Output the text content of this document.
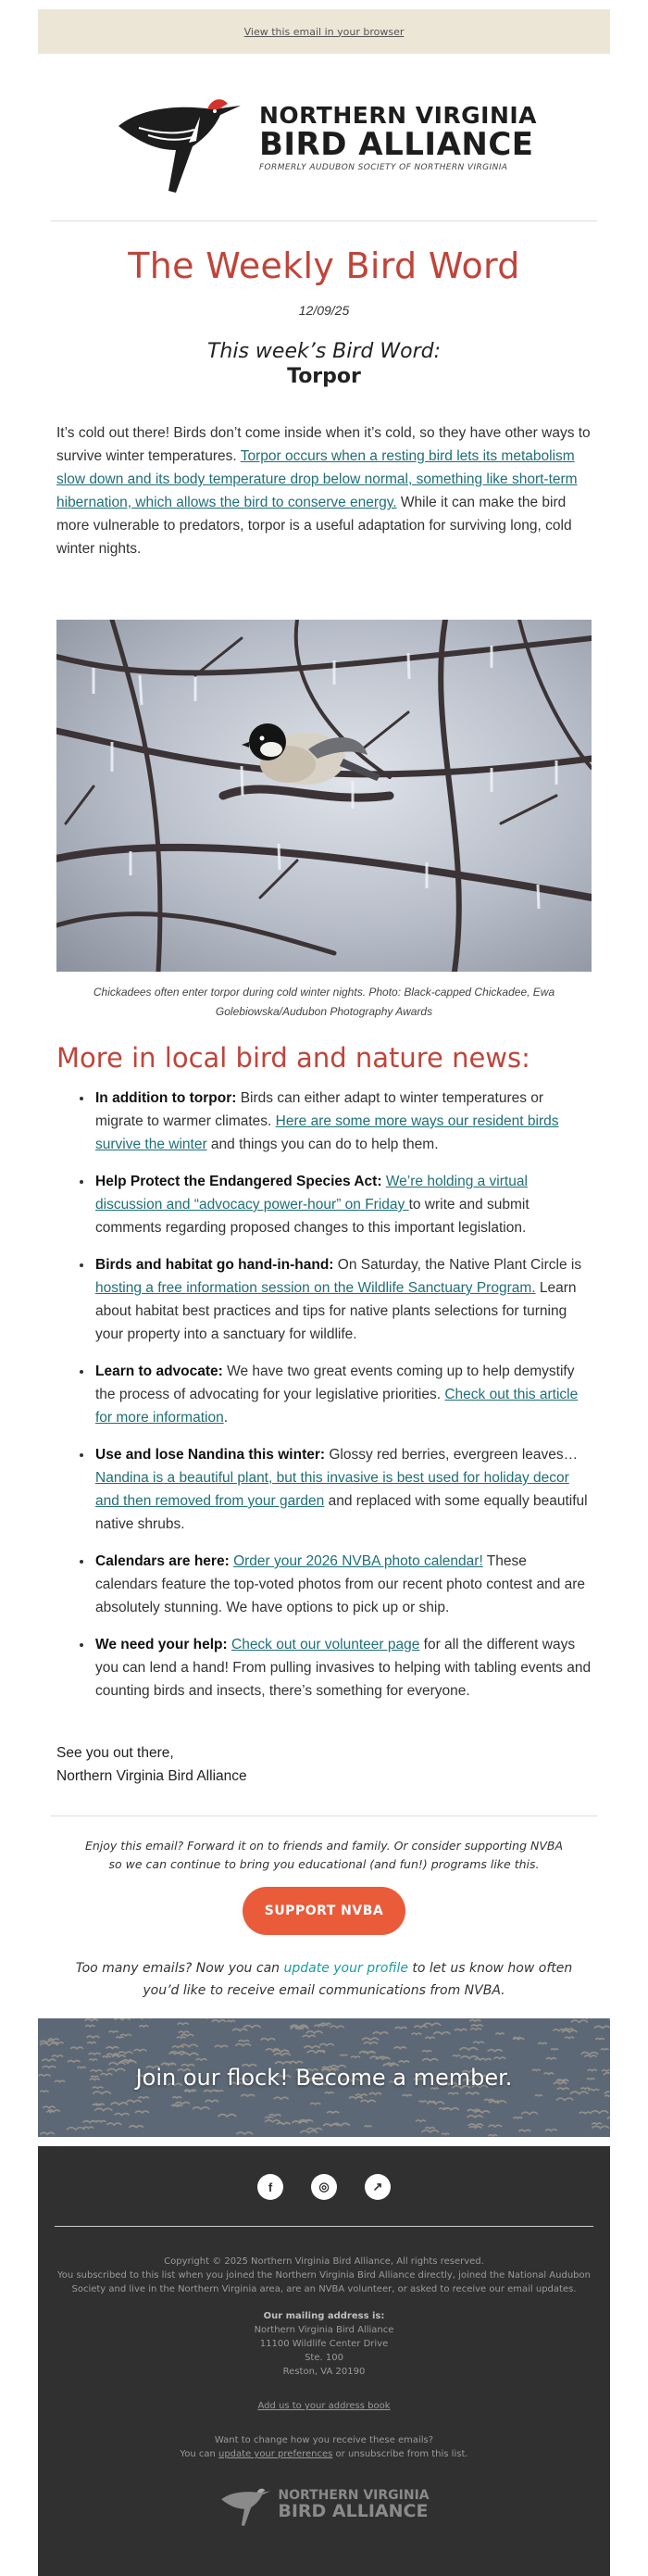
View this email in your browser
NORTHERN VIRGINIA
BIRD ALLIANCE
FORMERLY AUDUBON SOCIETY OF NORTHERN VIRGINIA
The Weekly Bird Word
12/09/25
This week’s Bird Word:
Torpor

It’s cold out there! Birds don’t come inside when it’s cold, so they have other ways to survive winter temperatures. Torpor occurs when a resting bird lets its metabolism slow down and its body temperature drop below normal, something like short-term hibernation, which allows the bird to conserve energy. While it can make the bird more vulnerable to predators, torpor is a useful adaptation for surviving long, cold winter nights.

Chickadees often enter torpor during cold winter nights. Photo: Black-capped Chickadee, Ewa Golebiowska/Audubon Photography Awards

More in local bird and nature news:
• In addition to torpor: Birds can either adapt to winter temperatures or migrate to warmer climates. Here are some more ways our resident birds survive the winter and things you can do to help them.
• Help Protect the Endangered Species Act: We’re holding a virtual discussion and “advocacy power-hour” on Friday to write and submit comments regarding proposed changes to this important legislation.
• Birds and habitat go hand-in-hand: On Saturday, the Native Plant Circle is hosting a free information session on the Wildlife Sanctuary Program. Learn about habitat best practices and tips for native plants selections for turning your property into a sanctuary for wildlife.
• Learn to advocate: We have two great events coming up to help demystify the process of advocating for your legislative priorities. Check out this article for more information.
• Use and lose Nandina this winter: Glossy red berries, evergreen leaves…Nandina is a beautiful plant, but this invasive is best used for holiday decor and then removed from your garden and replaced with some equally beautiful native shrubs.
• Calendars are here: Order your 2026 NVBA photo calendar! These calendars feature the top-voted photos from our recent photo contest and are absolutely stunning. We have options to pick up or ship.
• We need your help: Check out our volunteer page for all the different ways you can lend a hand! From pulling invasives to helping with tabling events and counting birds and insects, there’s something for everyone.

See you out there,
Northern Virginia Bird Alliance

Enjoy this email? Forward it on to friends and family. Or consider supporting NVBA so we can continue to bring you educational (and fun!) programs like this.

SUPPORT NVBA

Too many emails? Now you can update your profile to let us know how often you’d like to receive email communications from NVBA.

Join our flock! Become a member.
f	◎	↗
Copyright © 2025 Northern Virginia Bird Alliance, All rights reserved.
You subscribed to this list when you joined the Northern Virginia Bird Alliance directly, joined the National Audubon Society and live in the Northern Virginia area, are an NVBA volunteer, or asked to receive our email updates.
Our mailing address is:
Northern Virginia Bird Alliance
11100 Wildlife Center Drive
Ste. 100
Reston, VA 20190
Add us to your address book
Want to change how you receive these emails?
You can update your preferences or unsubscribe from this list.
NORTHERN VIRGINIA
BIRD ALLIANCE
